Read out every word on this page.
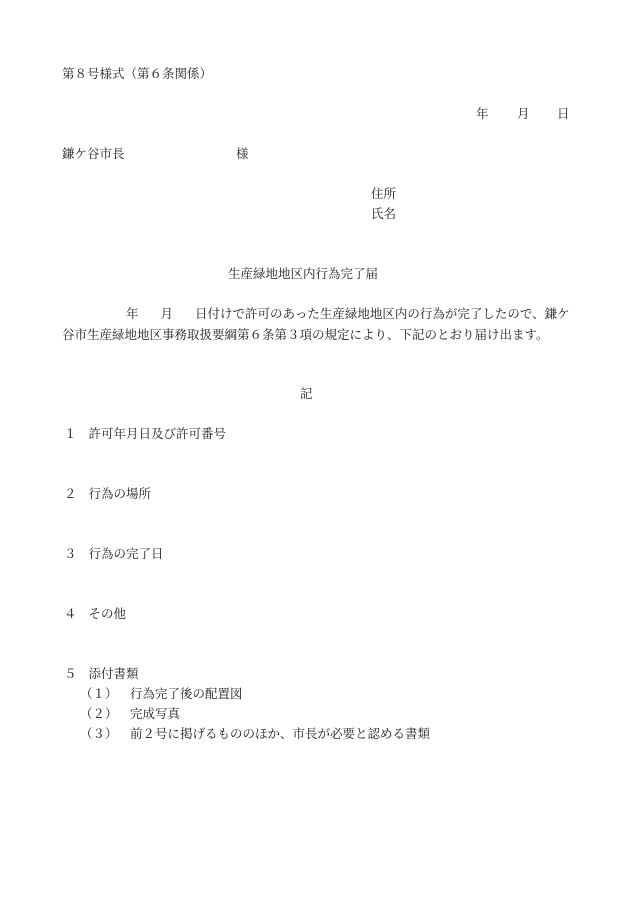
第８号様式（第６条関係）
年 月 日
鎌ケ谷市長	様
住所
氏名
生産緑地地区内行為完了届
年 月 日付けで許可のあった生産緑地地区内の行為が完了したので、鎌ケ谷市生産緑地地区事務取扱要綱第６条第３項の規定により、下記のとおり届け出ます。
記
１ 許可年月日及び許可番号
２ 行為の場所
３ 行為の完了日
４ その他
５ 添付書類
（１） 行為完了後の配置図
（２） 完成写真
（３） 前２号に掲げるもののほか、市長が必要と認める書類
